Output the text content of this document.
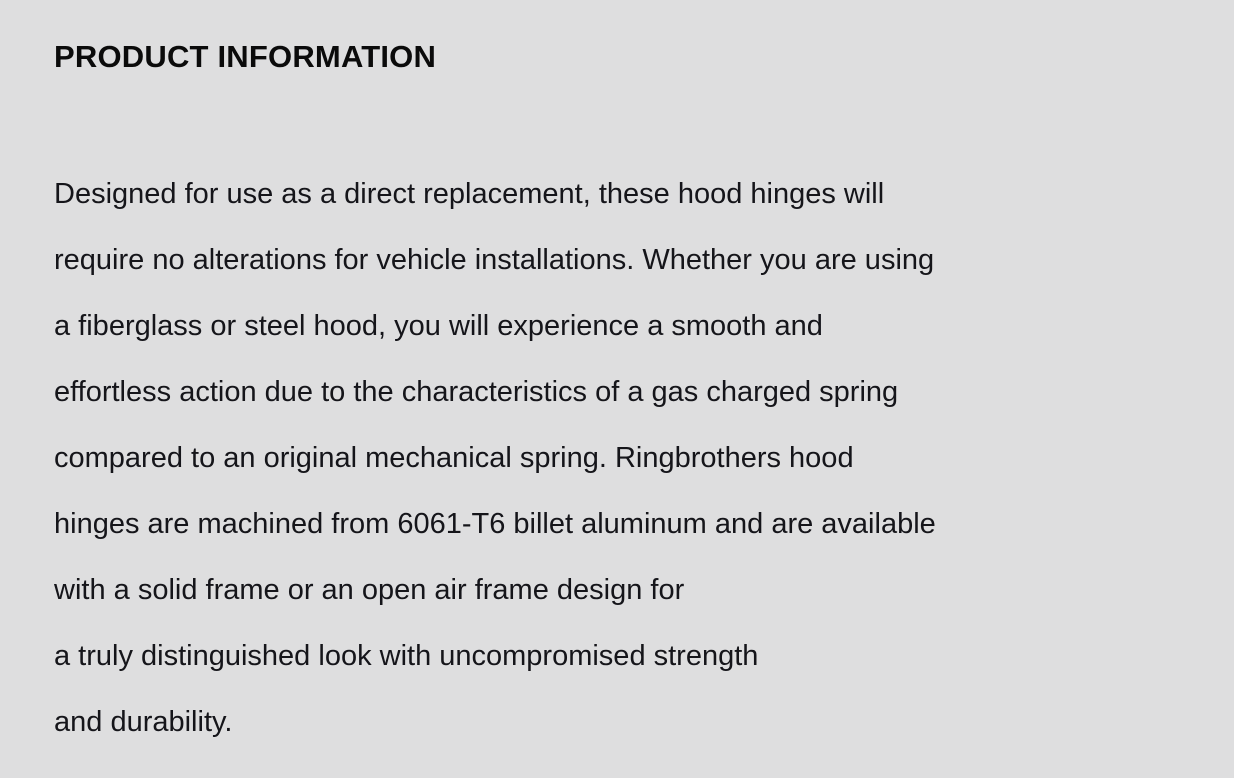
PRODUCT INFORMATION
Designed for use as a direct replacement, these hood hinges will
require no alterations for vehicle installations. Whether you are using
a fiberglass or steel hood, you will experience a smooth and
effortless action due to the characteristics of a gas charged spring
compared to an original mechanical spring. Ringbrothers hood
hinges are machined from 6061-T6 billet aluminum and are available
with a solid frame or an open air frame design for
a truly distinguished look with uncompromised strength
and durability.
